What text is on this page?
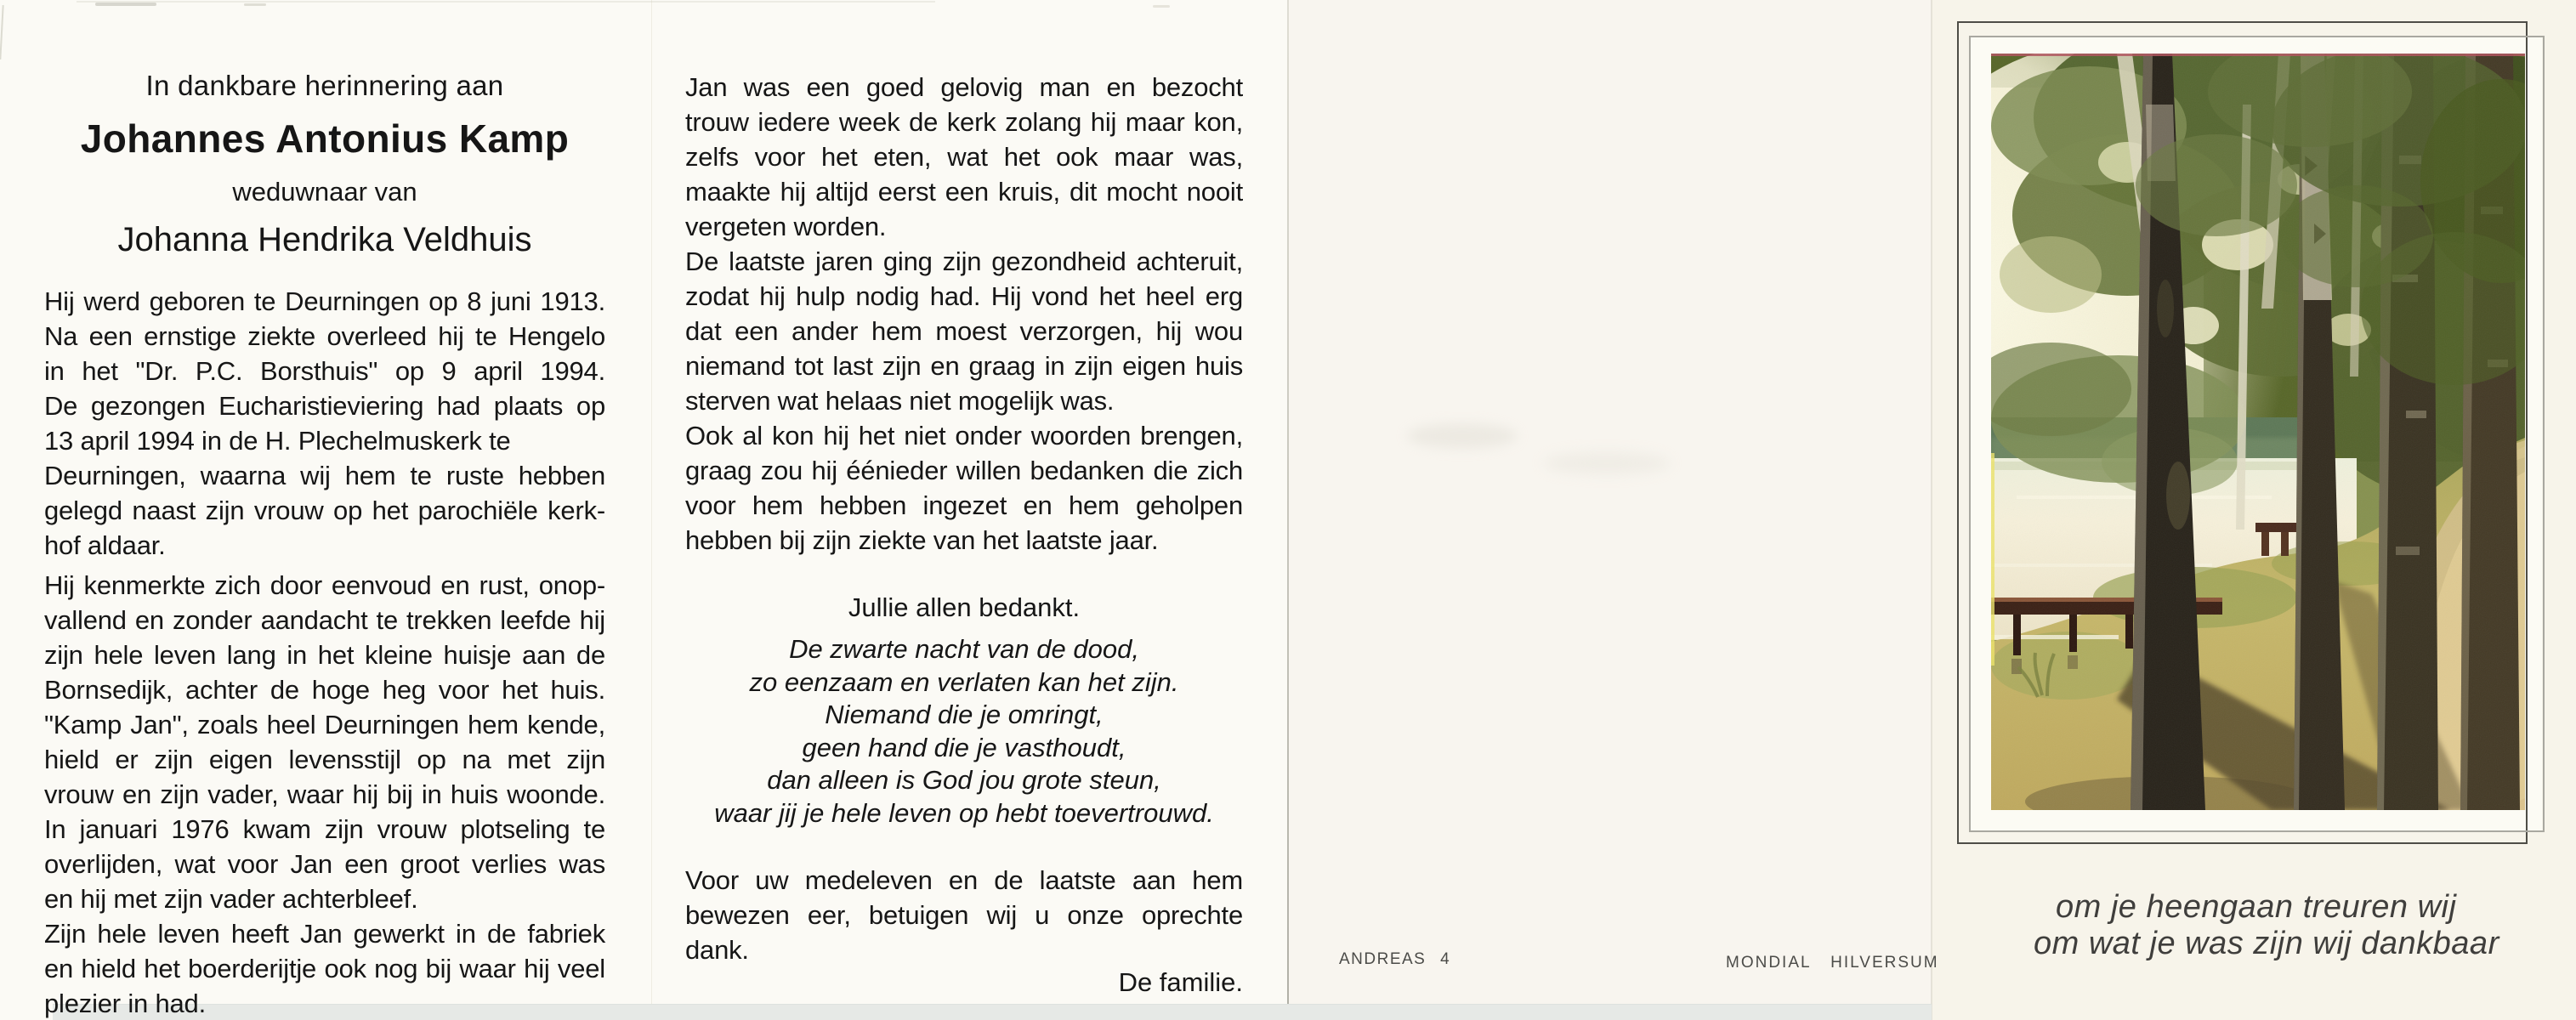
In dankbare herinnering aan
Johannes Antonius Kamp
weduwnaar van
Johanna Hendrika Veldhuis
Hij werd geboren te Deurningen op 8 juni 1913.
Na een ernstige ziekte overleed hij te Hengelo
in het "Dr. P.C. Borsthuis" op 9 april 1994.
De gezongen Eucharistieviering had plaats op
13 april 1994 in de H. Plechelmuskerk te
Deurningen, waarna wij hem te ruste hebben
gelegd naast zijn vrouw op het parochiële kerk-
hof aldaar.
Hij kenmerkte zich door eenvoud en rust, onop-
vallend en zonder aandacht te trekken leefde hij
zijn hele leven lang in het kleine huisje aan de
Bornsedijk, achter de hoge heg voor het huis.
"Kamp Jan", zoals heel Deurningen hem kende,
hield er zijn eigen levensstijl op na met zijn
vrouw en zijn vader, waar hij bij in huis woonde.
In januari 1976 kwam zijn vrouw plotseling te
overlijden, wat voor Jan een groot verlies was
en hij met zijn vader achterbleef.
Zijn hele leven heeft Jan gewerkt in de fabriek
en hield het boerderijtje ook nog bij waar hij veel
plezier in had.
Jan was een goed gelovig man en bezocht
trouw iedere week de kerk zolang hij maar kon,
zelfs voor het eten, wat het ook maar was,
maakte hij altijd eerst een kruis, dit mocht nooit
vergeten worden.
De laatste jaren ging zijn gezondheid achteruit,
zodat hij hulp nodig had. Hij vond het heel erg
dat een ander hem moest verzorgen, hij wou
niemand tot last zijn en graag in zijn eigen huis
sterven wat helaas niet mogelijk was.
Ook al kon hij het niet onder woorden brengen,
graag zou hij éénieder willen bedanken die zich
voor hem hebben ingezet en hem geholpen
hebben bij zijn ziekte van het laatste jaar.
Jullie allen bedankt.
De zwarte nacht van de dood,
zo eenzaam en verlaten kan het zijn.
Niemand die je omringt,
geen hand die je vasthoudt,
dan alleen is God jou grote steun,
waar jij je hele leven op hebt toevertrouwd.
Voor uw medeleven en de laatste aan hem
bewezen eer, betuigen wij u onze oprechte
dank.
De familie.
ANDREAS 4	MONDIAL HILVERSUM
om je heengaan treuren wij
om wat je was zijn wij dankbaar
